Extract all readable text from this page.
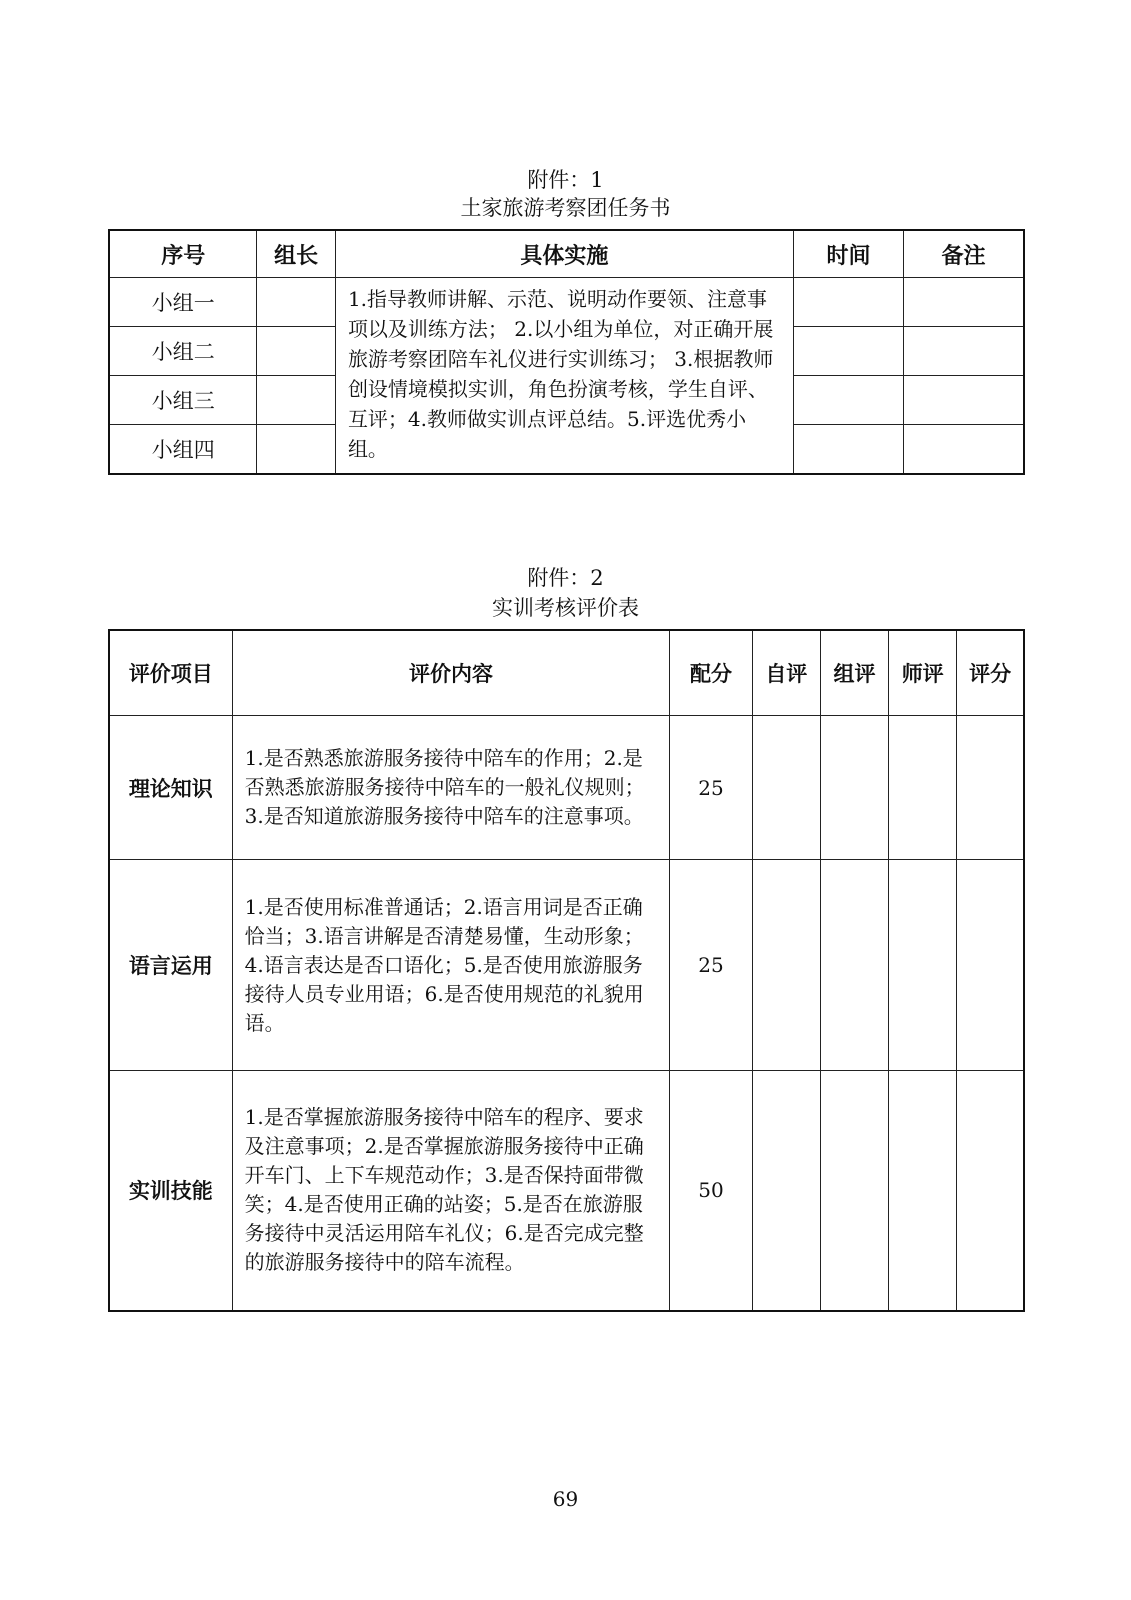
附件：1
土家旅游考察团任务书
序号	组长	具体实施	时间	备注
小组一		1.指导教师讲解、示范、说明动作要领、注意事项以及训练方法； 2.以小组为单位，对正确开展旅游考察团陪车礼仪进行实训练习； 3.根据教师创设情境模拟实训，角色扮演考核，学生自评、互评；4.教师做实训点评总结。5.评选优秀小组。		
小组二				
小组三				
小组四				
附件：2
实训考核评价表
评价项目	评价内容	配分	自评	组评	师评	评分
理论知识	1.是否熟悉旅游服务接待中陪车的作用；2.是否熟悉旅游服务接待中陪车的一般礼仪规则；3.是否知道旅游服务接待中陪车的注意事项。	25				
语言运用	1.是否使用标准普通话；2.语言用词是否正确恰当；3.语言讲解是否清楚易懂，生动形象；4.语言表达是否口语化；5.是否使用旅游服务接待人员专业用语；6.是否使用规范的礼貌用语。	25				
实训技能	1.是否掌握旅游服务接待中陪车的程序、要求及注意事项；2.是否掌握旅游服务接待中正确开车门、上下车规范动作；3.是否保持面带微笑；4.是否使用正确的站姿；5.是否在旅游服务接待中灵活运用陪车礼仪；6.是否完成完整的旅游服务接待中的陪车流程。	50				
69
